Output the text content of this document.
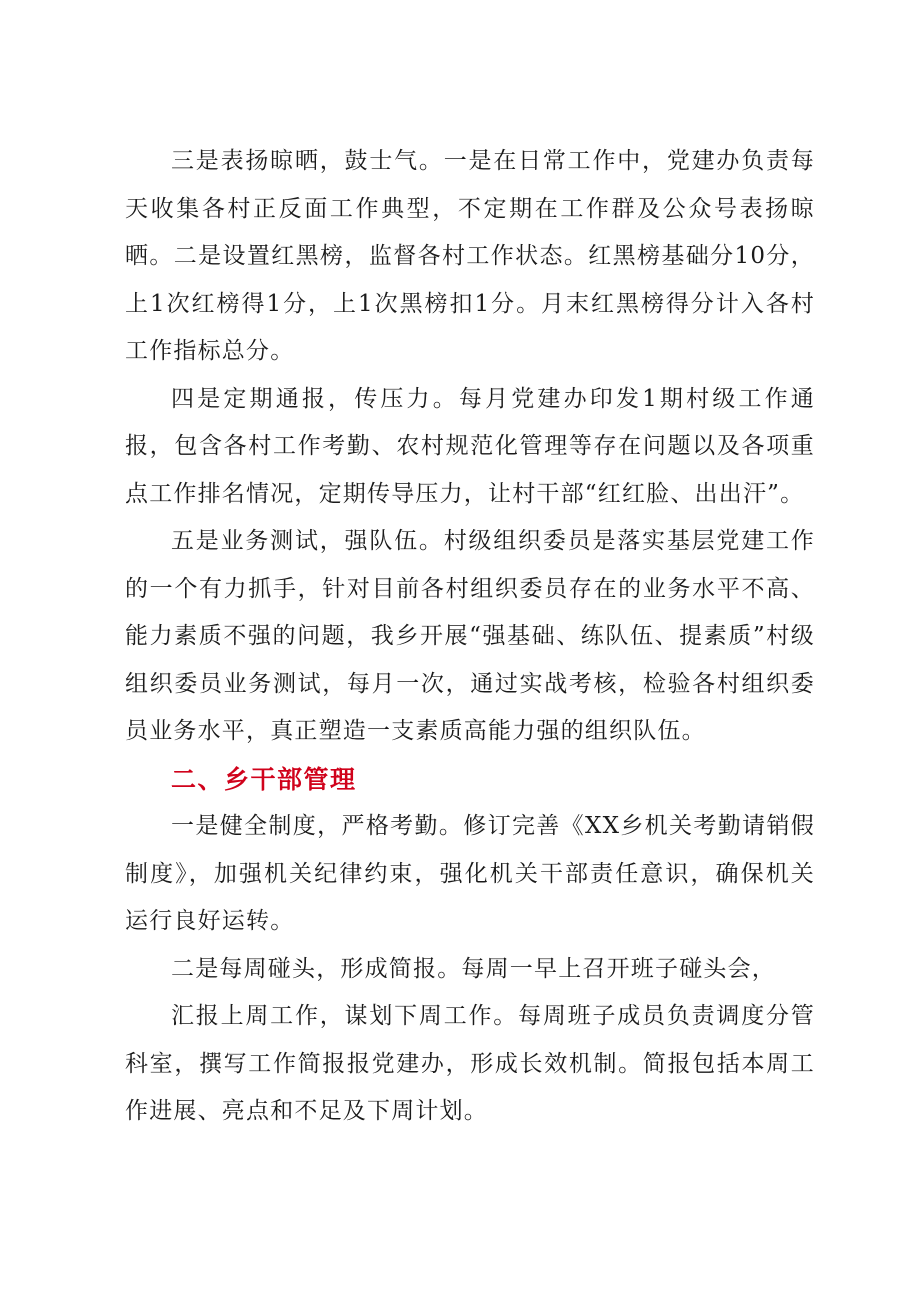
三是表扬晾晒，鼓士气。一是在日常工作中，党建办负责每天收集各村正反面工作典型，不定期在工作群及公众号表扬晾晒。二是设置红黑榜，监督各村工作状态。红黑榜基础分10分，上1次红榜得1分，上1次黑榜扣1分。月末红黑榜得分计入各村工作指标总分。

四是定期通报，传压力。每月党建办印发1期村级工作通报，包含各村工作考勤、农村规范化管理等存在问题以及各项重点工作排名情况，定期传导压力，让村干部“红红脸、出出汗”。

五是业务测试，强队伍。村级组织委员是落实基层党建工作的一个有力抓手，针对目前各村组织委员存在的业务水平不高、能力素质不强的问题，我乡开展“强基础、练队伍、提素质”村级组织委员业务测试，每月一次，通过实战考核，检验各村组织委员业务水平，真正塑造一支素质高能力强的组织队伍。

二、乡干部管理

一是健全制度，严格考勤。修订完善《XX乡机关考勤请销假制度》，加强机关纪律约束，强化机关干部责任意识，确保机关运行良好运转。

二是每周碰头，形成简报。每周一早上召开班子碰头会，

汇报上周工作，谋划下周工作。每周班子成员负责调度分管科室，撰写工作简报报党建办，形成长效机制。简报包括本周工作进展、亮点和不足及下周计划。
